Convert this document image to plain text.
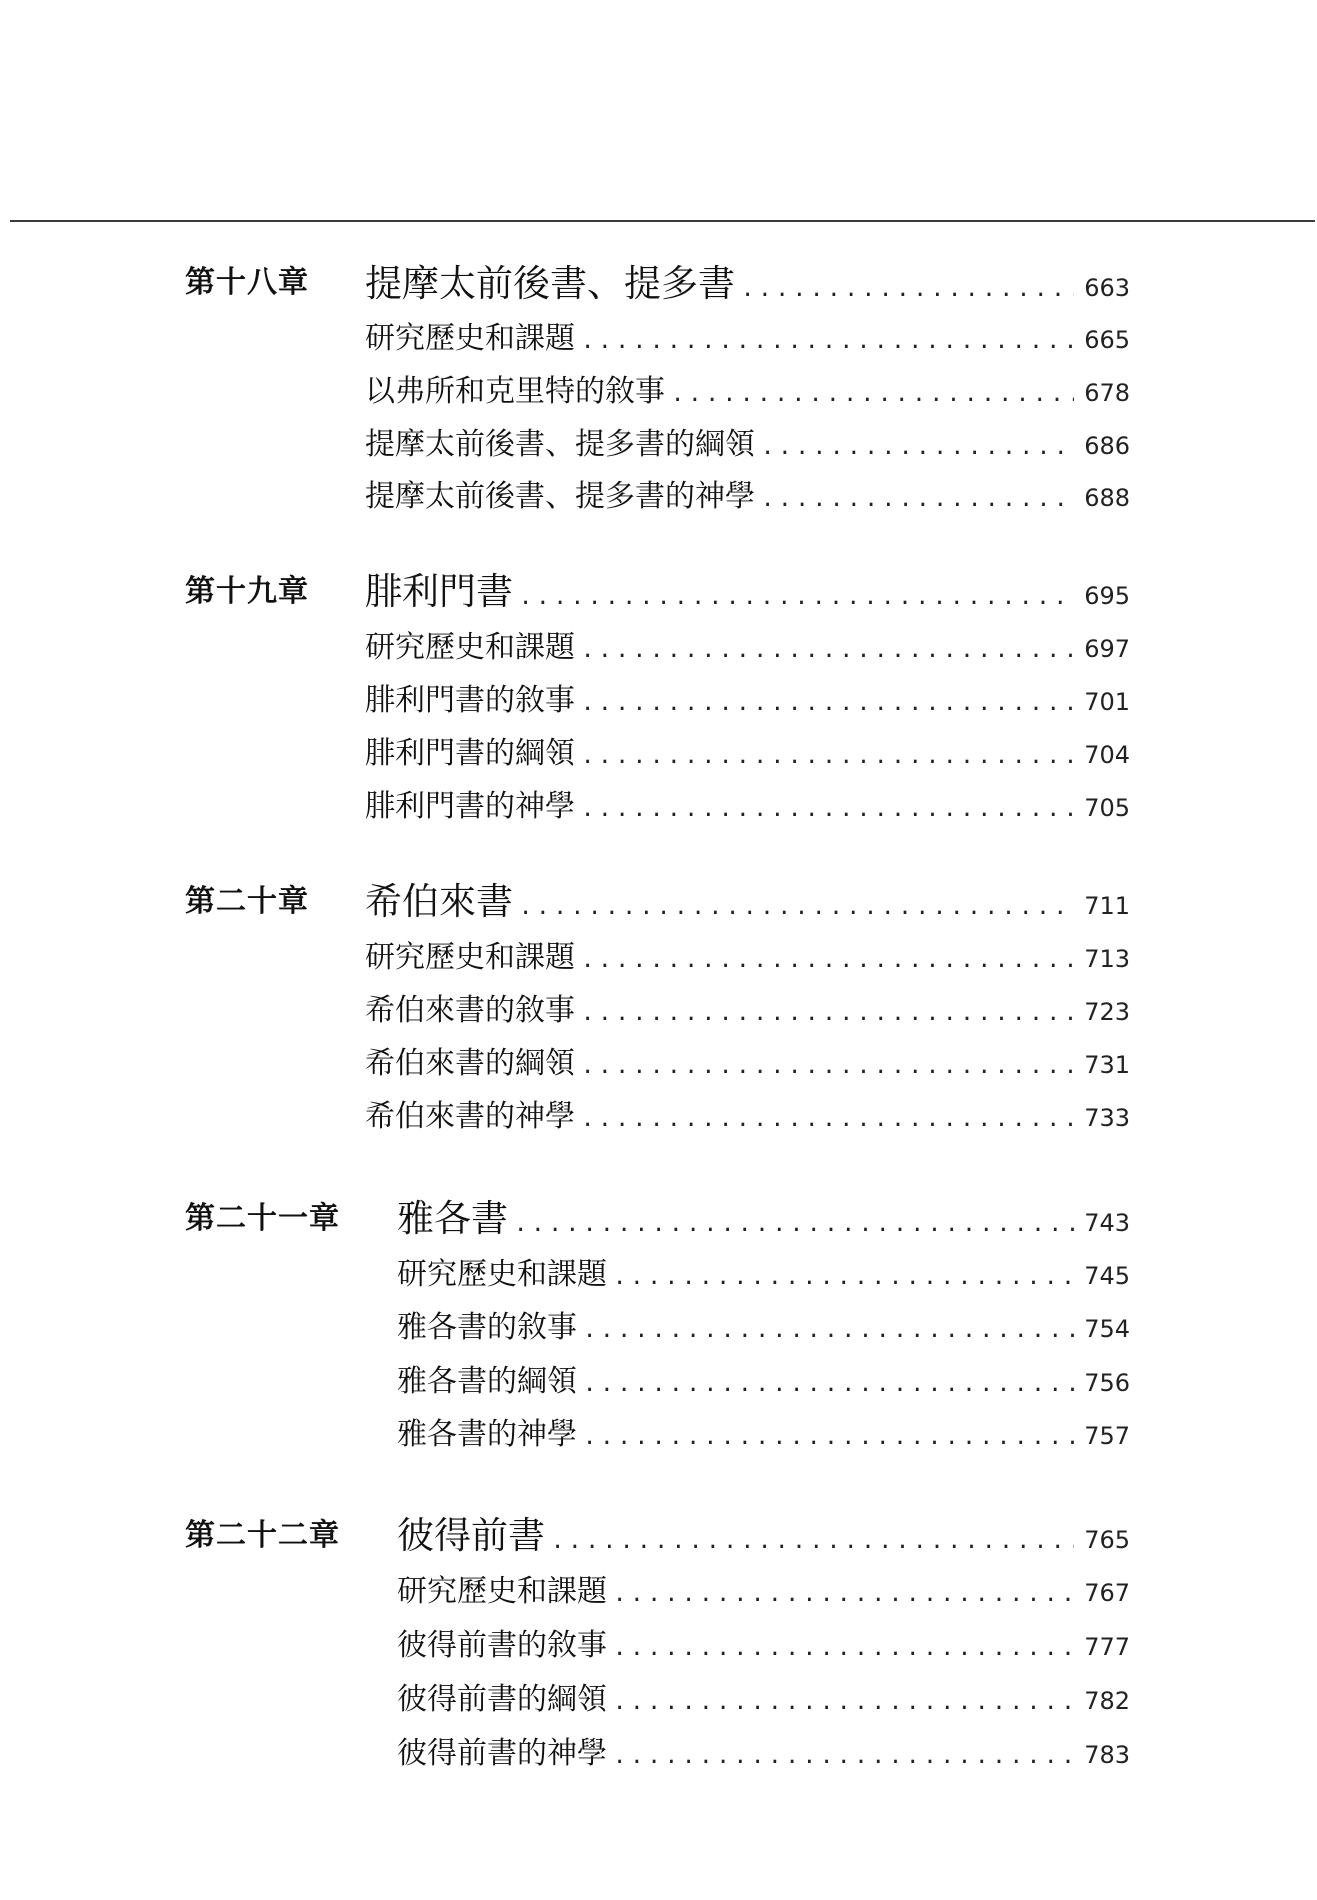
第十八章 提摩太前後書、提多書 .....	663
研究歷史和課題 .....	665
以弗所和克里特的敘事 .....	678
提摩太前後書、提多書的綱領 .....	686
提摩太前後書、提多書的神學 .....	688
第十九章 腓利門書 .....	695
研究歷史和課題 .....	697
腓利門書的敘事 .....	701
腓利門書的綱領 .....	704
腓利門書的神學 .....	705
第二十章 希伯來書 .....	711
研究歷史和課題 .....	713
希伯來書的敘事 .....	723
希伯來書的綱領 .....	731
希伯來書的神學 .....	733
第二十一章 雅各書 .....	743
研究歷史和課題 .....	745
雅各書的敘事 .....	754
雅各書的綱領 .....	756
雅各書的神學 .....	757
第二十二章 彼得前書 .....	765
研究歷史和課題 .....	767
彼得前書的敘事 .....	777
彼得前書的綱領 .....	782
彼得前書的神學 .....	783
